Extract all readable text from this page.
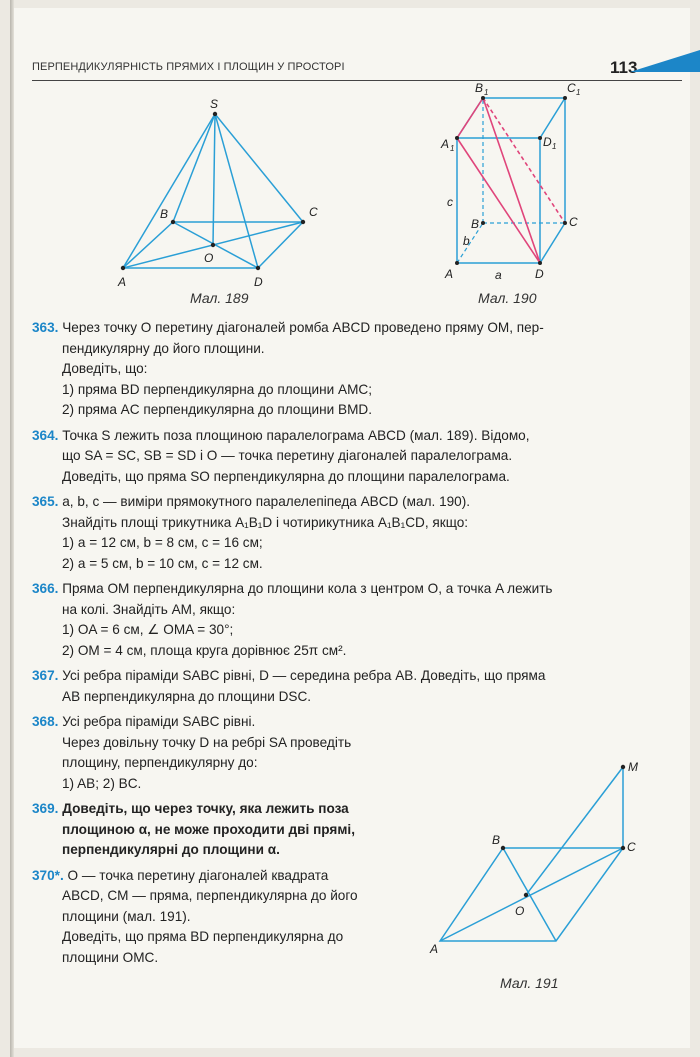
ПЕРПЕНДИКУЛЯРНІСТЬ ПРЯМИХ І ПЛОЩИН У ПРОСТОРІ	113
S
B	C
O
A	D
Мал. 189
A	D
C
B
A 1	D 1
B 1	C 1
a
b
c
Мал. 190
M
B	C
O
A
Мал. 191
363. Через точку O перетину діагоналей ромба ABCD проведено пряму OM, пер-
пендикулярну до його площини.
Доведіть, що:
1) пряма BD перпендикулярна до площини AMC;
2) пряма AC перпендикулярна до площини BMD.
364. Точка S лежить поза площиною паралелограма ABCD (мал. 189). Відомо,
що SA = SC, SB = SD і O — точка перетину діагоналей паралелограма.
Доведіть, що пряма SO перпендикулярна до площини паралелограма.
365. a, b, c — виміри прямокутного паралелепіпеда ABCD (мал. 190).
Знайдіть площі трикутника A₁B₁D і чотирикутника A₁B₁CD, якщо:
1) a = 12 см, b = 8 см, c = 16 см;
2) a = 5 см, b = 10 см, c = 12 см.
366. Пряма OM перпендикулярна до площини кола з центром O, а точка A лежить
на колі. Знайдіть AM, якщо:
1) OA = 6 см, ∠ OMA = 30°;
2) OM = 4 см, площа круга дорівнює 25π см².
367. Усі ребра піраміди SABC рівні, D — середина ребра AB. Доведіть, що пряма
AB перпендикулярна до площини DSC.
368. Усі ребра піраміди SABC рівні.
Через довільну точку D на ребрі SA проведіть
площину, перпендикулярну до:
1) AB; 2) BC.
369. Доведіть, що через точку, яка лежить поза
площиною α, не може проходити дві прямі,
перпендикулярні до площини α.
370*. O — точка перетину діагоналей квадрата
ABCD, CM — пряма, перпендикулярна до його
площини (мал. 191).
Доведіть, що пряма BD перпендикулярна до
площини OMC.
